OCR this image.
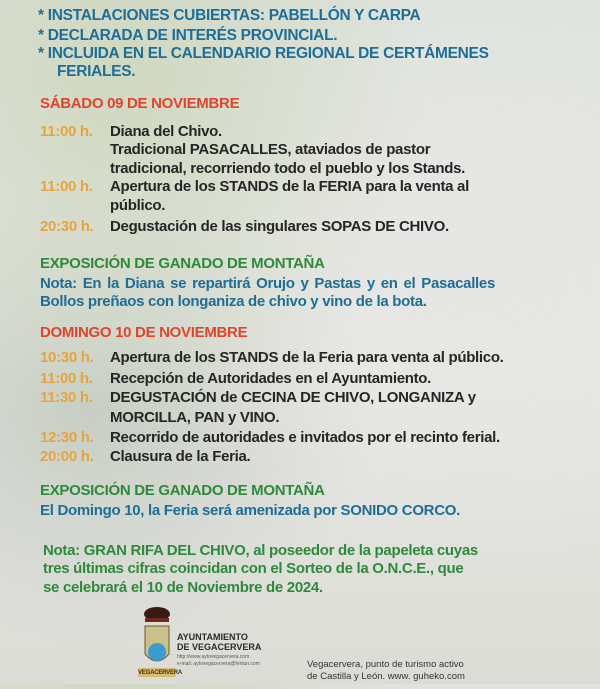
* INSTALACIONES CUBIERTAS: PABELLÓN Y CARPA
* DECLARADA DE INTERÉS PROVINCIAL.
* INCLUIDA EN EL CALENDARIO REGIONAL DE CERTÁMENES
FERIALES.
SÁBADO 09 DE NOVIEMBRE
11:00 h. Diana del Chivo.
Tradicional PASACALLES, ataviados de pastor
tradicional, recorriendo todo el pueblo y los Stands.
11:00 h. Apertura de los STANDS de la FERIA para la venta al
público.
20:30 h. Degustación de las singulares SOPAS DE CHIVO.
EXPOSICIÓN DE GANADO DE MONTAÑA
Nota: En la Diana se repartirá Orujo y Pastas y en el Pasacalles
Bollos preñaos con longaniza de chivo y vino de la bota.
DOMINGO 10 DE NOVIEMBRE
10:30 h. Apertura de los STANDS de la Feria para venta al público.
11:00 h. Recepción de Autoridades en el Ayuntamiento.
11:30 h. DEGUSTACIÓN de CECINA DE CHIVO, LONGANIZA y
MORCILLA, PAN y VINO.
12:30 h. Recorrido de autoridades e invitados por el recinto ferial.
20:00 h. Clausura de la Feria.
EXPOSICIÓN DE GANADO DE MONTAÑA
El Domingo 10, la Feria será amenizada por SONIDO CORCO.
Nota: GRAN RIFA DEL CHIVO, al poseedor de la papeleta cuyas
tres últimas cifras coincidan con el Sorteo de la O.N.C.E., que
se celebrará el 10 de Noviembre de 2024.
VEGACERVERA
AYUNTAMIENTO
DE VEGACERVERA
http://www.aytovegacervera.com
e-mail: aytovegacervera@fenlun.com	Vegacervera, punto de turismo activo
de Castilla y León. www. guheko.com
